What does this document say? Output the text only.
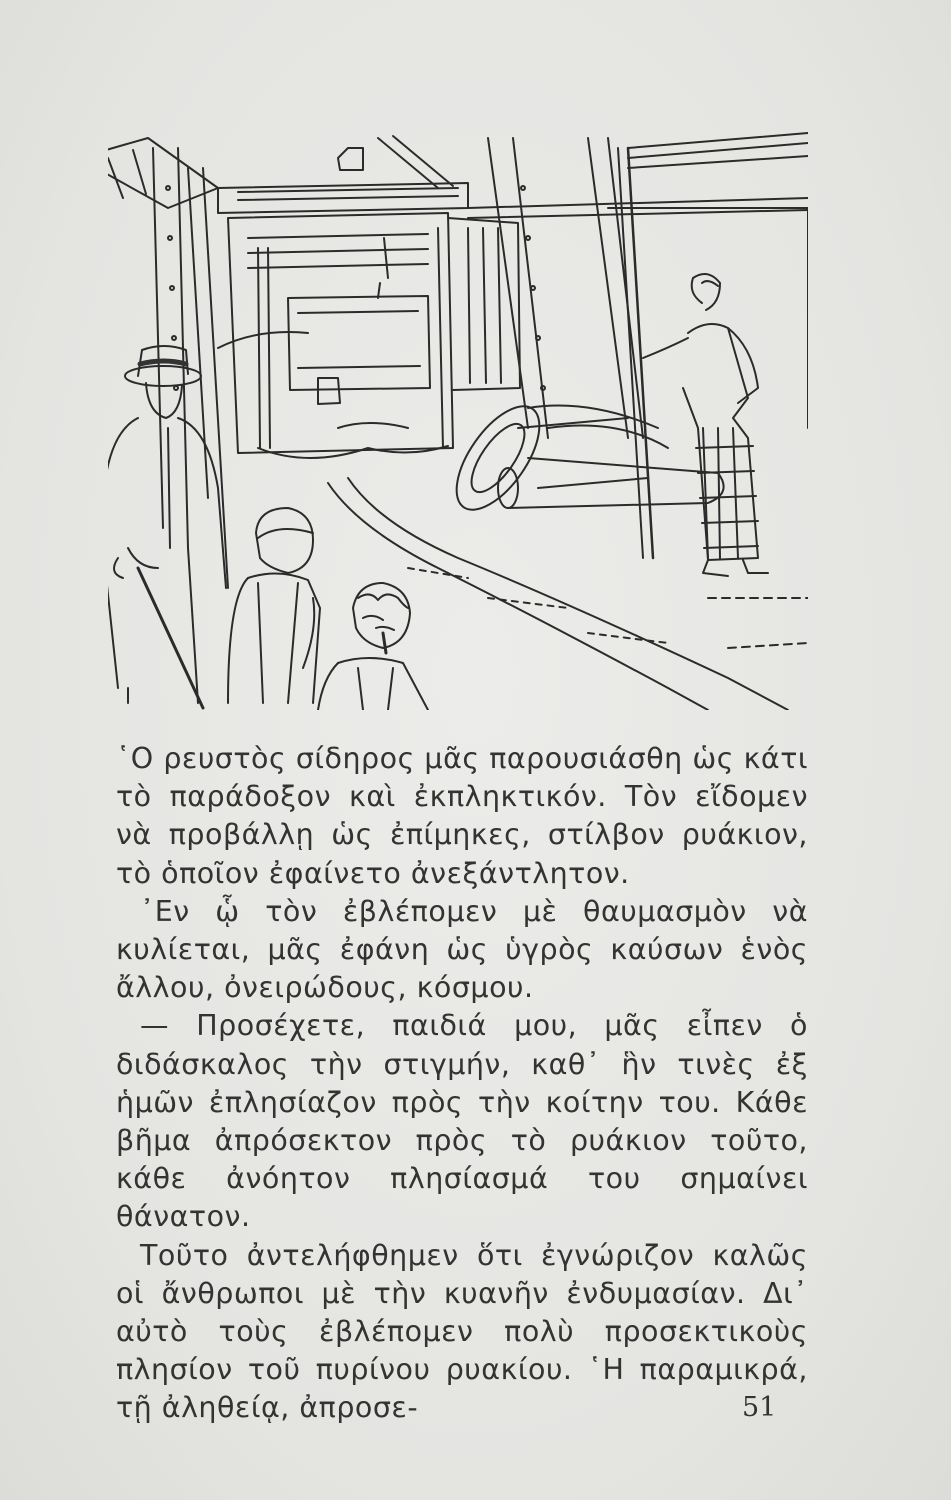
῾Ο ρευστὸς σίδηρος μᾶς παρουσιάσθη ὡς κάτι τὸ παράδοξον καὶ ἐκπληκτικόν. Τὸν εἴδομεν νὰ προβάλλῃ ὡς ἐπίμηκες, στίλβον ρυάκιον, τὸ ὁποῖον ἐφαίνετο ἀνεξάντλητον.

᾿Εν ᾧ τὸν ἐβλέπομεν μὲ θαυμασμὸν νὰ κυλίεται, μᾶς ἐφάνη ὡς ὑγρὸς καύσων ἑνὸς ἄλλου, ὀνειρώδους, κόσμου.

— Προσέχετε, παιδιά μου, μᾶς εἶπεν ὁ διδάσκαλος τὴν στιγμήν, καθ᾿ ἣν τινὲς ἐξ ἡμῶν ἐπλησίαζον πρὸς τὴν κοίτην του. Κάθε βῆμα ἀπρόσεκτον πρὸς τὸ ρυάκιον τοῦτο, κάθε ἀνόητον πλησίασμά του σημαίνει θάνατον.

Τοῦτο ἀντελήφθημεν ὅτι ἐγνώριζον καλῶς οἱ ἄνθρωποι μὲ τὴν κυανῆν ἐνδυμασίαν. Δι᾿ αὐτὸ τοὺς ἐβλέπομεν πολὺ προσεκτικοὺς πλησίον τοῦ πυρίνου ρυακίου. ῾Η παραμικρά, τῇ ἀληθείᾳ, ἀπροσε-	51
